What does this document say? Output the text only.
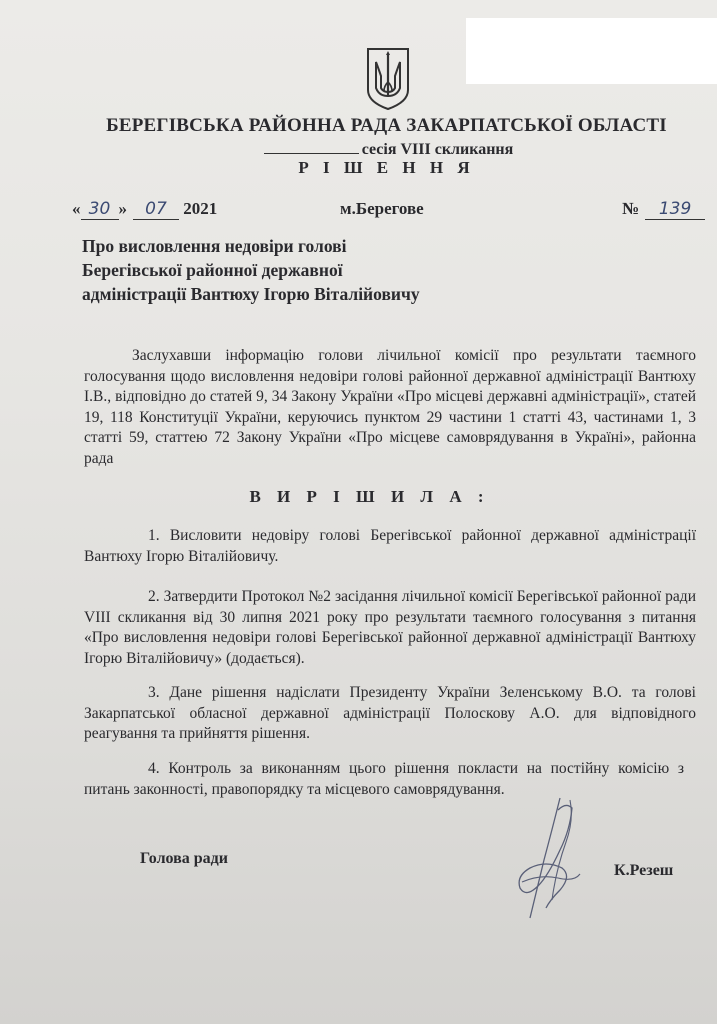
БЕРЕГІВСЬКА РАЙОННА РАДА ЗАКАРПАТСЬКОЇ ОБЛАСТІ
сесія VIII скликання
Р І Ш Е Н Н Я
« 30 » 07 2021	м.Берегове	№ 139
Про висловлення недовіри голові
Берегівської районної державної
адміністрації Вантюху Ігорю Віталійовичу
Заслухавши інформацію голови лічильної комісії про результати таємного голосування щодо висловлення недовіри голові районної державної адміністрації Вантюху І.В., відповідно до статей 9, 34 Закону України «Про місцеві державні адміністрації», статей 19, 118 Конституції України, керуючись пунктом 29 частини 1 статті 43, частинами 1, 3 статті 59, статтею 72 Закону України «Про місцеве самоврядування в Україні», районна рада
В И Р І Ш И Л А :
1. Висловити недовіру голові Берегівської районної державної адміністрації Вантюху Ігорю Віталійовичу.
2. Затвердити Протокол №2 засідання лічильної комісії Берегівської районної ради VIII скликання від 30 липня 2021 року про результати таємного голосування з питання «Про висловлення недовіри голові Берегівської районної державної адміністрації Вантюху Ігорю Віталійовичу» (додається).
3. Дане рішення надіслати Президенту України Зеленському В.О. та голові Закарпатської обласної державної адміністрації Полоскову А.О. для відповідного реагування та прийняття рішення.
4. Контроль за виконанням цього рішення покласти на постійну комісію з питань законності, правопорядку та місцевого самоврядування.
Голова ради
К.Резеш
